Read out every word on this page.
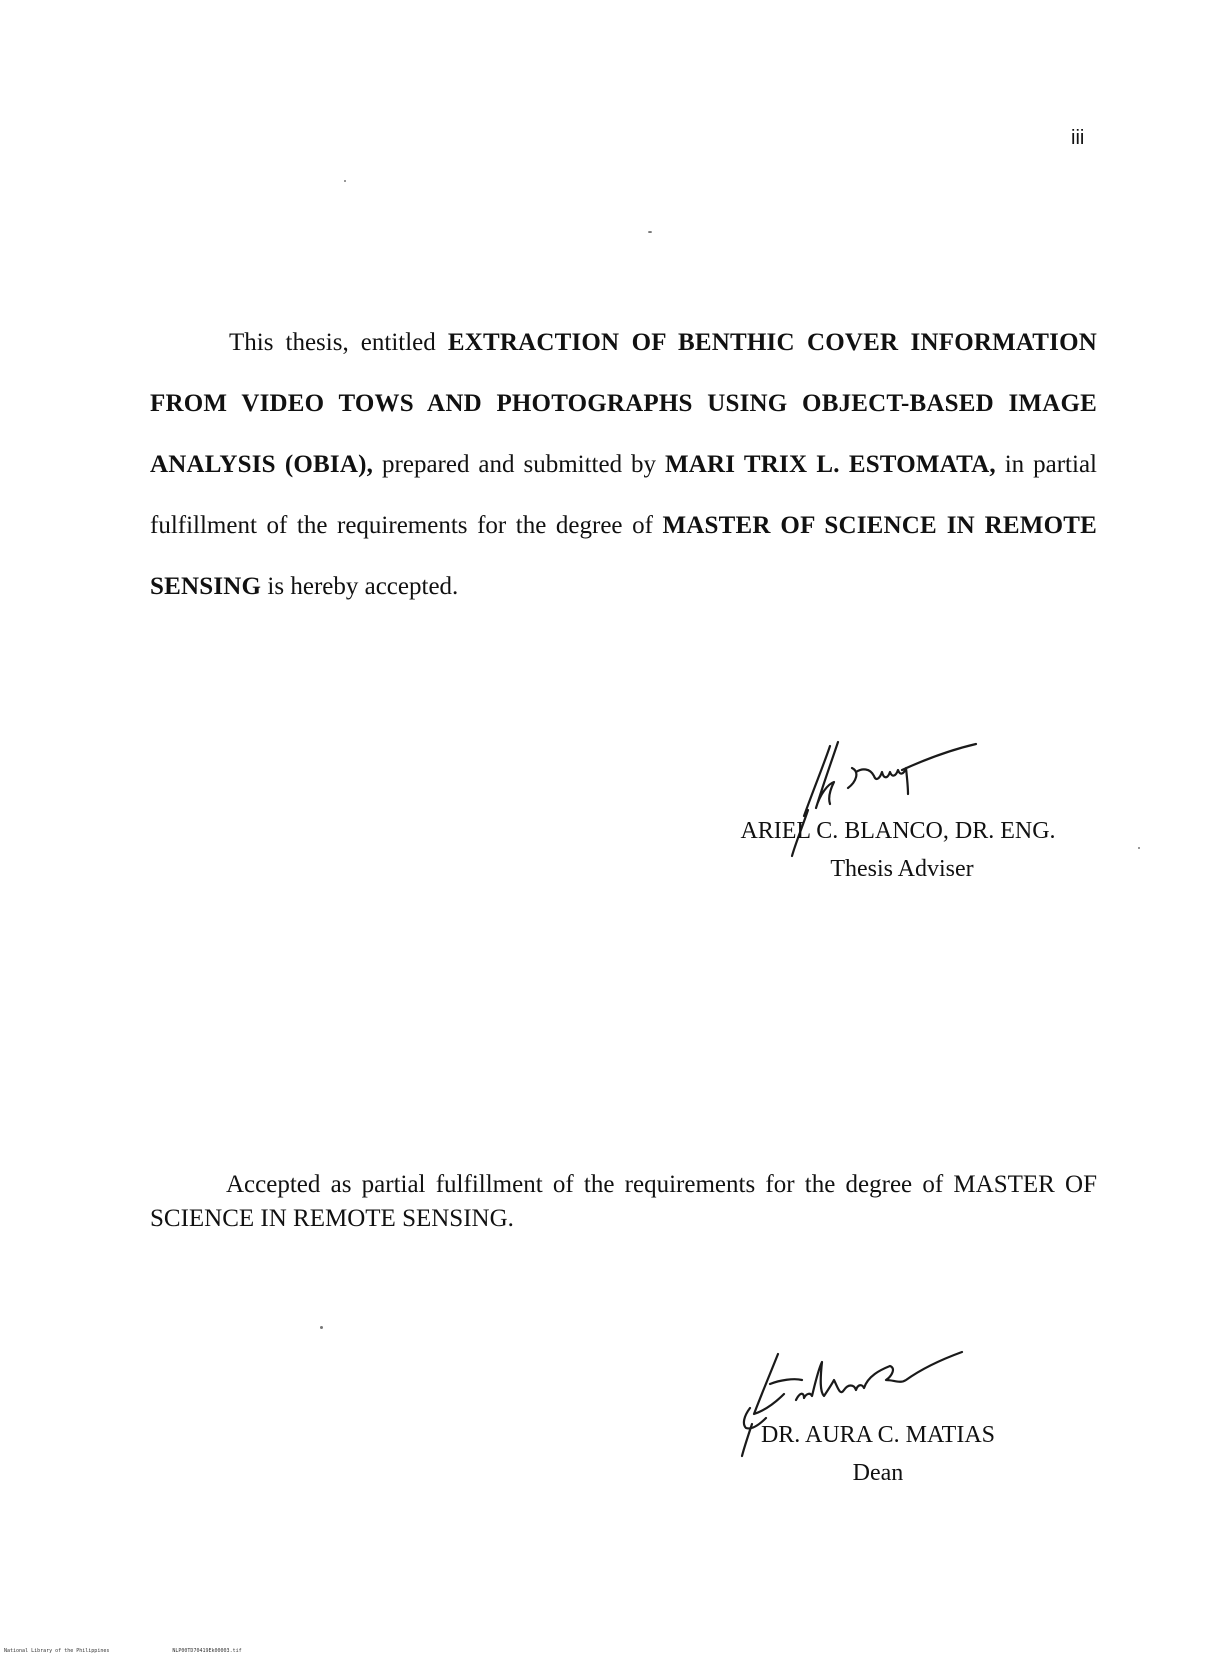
iii

This thesis, entitled EXTRACTION OF BENTHIC COVER INFORMATION FROM VIDEO TOWS AND PHOTOGRAPHS USING OBJECT-BASED IMAGE ANALYSIS (OBIA), prepared and submitted by MARI TRIX L. ESTOMATA, in partial fulfillment of the requirements for the degree of MASTER OF SCIENCE IN REMOTE SENSING is hereby accepted.

ARIEL C. BLANCO, DR. ENG.
Thesis Adviser

Accepted as partial fulfillment of the requirements for the degree of MASTER OF SCIENCE IN REMOTE SENSING.

DR. AURA C. MATIAS
Dean
National Library of the Philippines	NLP00TD70419Ek00003.tif
